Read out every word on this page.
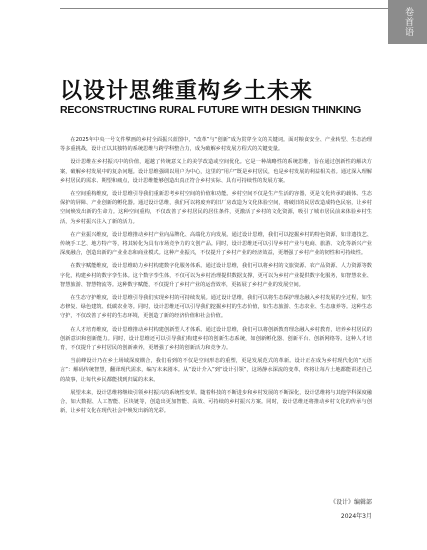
卷首语
以设计思维重构乡土未来
RECONSTRUCTING RURAL FUTURE WITH DESIGN THINKING

在2025年中央一号文件擘画的乡村全面振兴蓝图中，“改革”与“创新”成为贯穿全文的关键词。面对粮食安全、产业转型、生态治理等多重挑战，设计正以其独特的系统思维与跨学科整合力，成为破解乡村发展方程式的关键变量。

设计思维在乡村振兴中的价值，超越了传统意义上的美学改造或空间优化。它是一种战略性的系统思维，旨在通过创新性的解决方案，破解乡村发展中的复杂问题。设计思维强调以用户为中心，这里的“用户”既是乡村居民，也是乡村发展的利益相关者。通过深入理解乡村居民的需求、期望和痛点，设计思维能够创造出真正符合乡村实际、具有可持续性的发展方案。

在空间重构维度，设计思维引导我们重新思考乡村空间的价值和功能。乡村空间不仅是生产生活的容器，更是文化传承的载体、生态保护的屏障、产业创新的孵化器。通过设计思维，我们可以将废弃的旧厂房改造为文化体验空间，将破旧的民居改造成特色民宿，让乡村空间焕发出新的生命力。这种空间重构，不仅改善了乡村居民的居住条件，更激活了乡村的文化资源，吸引了城市居民前来体验乡村生活，为乡村振兴注入了新的活力。

在产业振兴维度，设计思维推动乡村产业向品牌化、高端化方向发展。通过设计思维，我们可以挖掘乡村的特色资源，如非遗技艺、传统手工艺、地方特产等，将其转化为具有市场竞争力的文创产品。同时，设计思维还可以引导乡村产业与电商、旅游、文化等新兴产业深度融合，创造出新的产业业态和商业模式。这种产业振兴，不仅提升了乡村产业的经济效益，更增强了乡村产业的韧性和可持续性。

在数字赋能维度，设计思维助力乡村构建数字化服务体系。通过设计思维，我们可以将乡村的文旅资源、农产品资源、人力资源等数字化，构建乡村的数字孪生体。这个数字孪生体，不仅可以为乡村治理提供数据支撑，更可以为乡村产业提供数字化服务，如智慧农业、智慧旅游、智慧物流等。这种数字赋能，不仅提升了乡村产业的运营效率，更拓展了乡村产业的发展空间。

在生态守护维度，设计思维引导我们实现乡村的可持续发展。通过设计思维，我们可以将生态保护理念融入乡村发展的全过程，如生态修复、绿色建筑、低碳农业等。同时，设计思维还可以引导我们挖掘乡村的生态价值，如生态旅游、生态农业、生态康养等。这种生态守护，不仅改善了乡村的生态环境，更创造了新的经济价值和社会价值。

在人才培育维度，设计思维推动乡村构建创新型人才体系。通过设计思维，我们可以将创新教育理念融入乡村教育，培养乡村居民的创新意识和创新能力。同时，设计思维还可以引导我们构建乡村的创新生态系统，如创新孵化器、创新平台、创新网络等。这种人才培育，不仅提升了乡村居民的创新素养，更增强了乡村的创新活力和竞争力。

当前峰设计乃在乡土场域深度耦合，我们看到的不仅是空间形态的重塑，更是发展范式的革新。设计正在成为乡村现代化的“元语言”：解码传统智慧，翻译现代需求，编写未来剧本。从“设计介入”到“设计引领”，这场静水深流的变革，终将让每片土地都能讲述自己的故事，让每代乡民都能找到归属的未来。

展望未来，设计思维将继续引领乡村振兴的系统性变革。随着科技的不断进步和乡村发展的不断深化，设计思维将与其他学科深度融合，如大数据、人工智能、区块链等，创造出更加智能、高效、可持续的乡村振兴方案。同时，设计思维还将推动乡村文化的传承与创新，让乡村文化在现代社会中焕发出新的光彩。

《设计》编辑部
2024年3月
